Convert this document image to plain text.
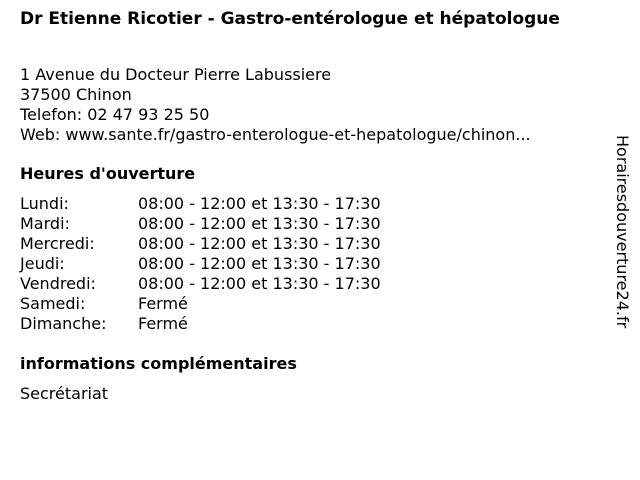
Dr Etienne Ricotier - Gastro-entérologue et hépatologue
1 Avenue du Docteur Pierre Labussiere
37500 Chinon
Telefon: 02 47 93 25 50
Web: www.sante.fr/gastro-enterologue-et-hepatologue/chinon...
Heures d'ouverture
Lundi:	08:00 - 12:00 et 13:30 - 17:30
Mardi:	08:00 - 12:00 et 13:30 - 17:30
Mercredi:	08:00 - 12:00 et 13:30 - 17:30
Jeudi:	08:00 - 12:00 et 13:30 - 17:30
Vendredi:	08:00 - 12:00 et 13:30 - 17:30
Samedi:	Fermé
Dimanche:	Fermé
informations complémentaires
Secrétariat
Horairesdouverture24.fr
